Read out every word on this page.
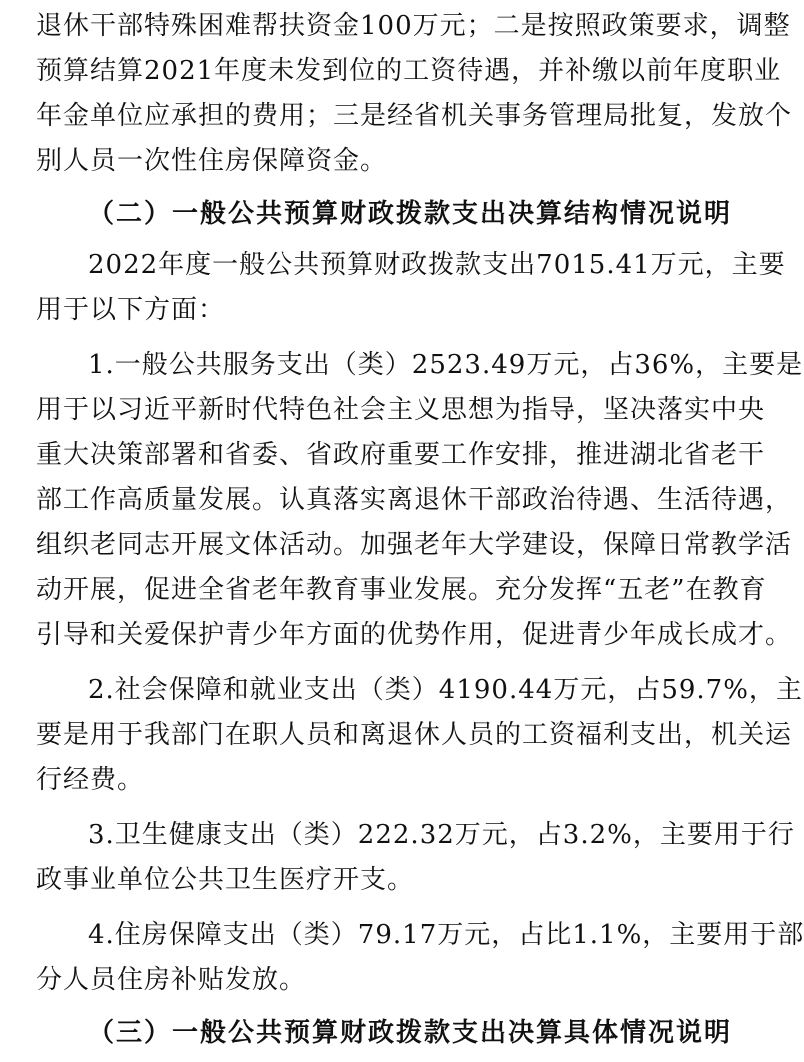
退休干部特殊困难帮扶资金100万元；二是按照政策要求，调整
预算结算2021年度未发到位的工资待遇，并补缴以前年度职业
年金单位应承担的费用；三是经省机关事务管理局批复，发放个
别人员一次性住房保障资金。
（二）一般公共预算财政拨款支出决算结构情况说明
2022年度一般公共预算财政拨款支出7015.41万元，主要
用于以下方面：
1.一般公共服务支出（类）2523.49万元，占36%，主要是
用于以习近平新时代特色社会主义思想为指导，坚决落实中央
重大决策部署和省委、省政府重要工作安排，推进湖北省老干
部工作高质量发展。认真落实离退休干部政治待遇、生活待遇，
组织老同志开展文体活动。加强老年大学建设，保障日常教学活
动开展，促进全省老年教育事业发展。充分发挥“五老”在教育
引导和关爱保护青少年方面的优势作用，促进青少年成长成才。
2.社会保障和就业支出（类）4190.44万元，占59.7%，主
要是用于我部门在职人员和离退休人员的工资福利支出，机关运
行经费。
3.卫生健康支出（类）222.32万元，占3.2%，主要用于行
政事业单位公共卫生医疗开支。
4.住房保障支出（类）79.17万元，占比1.1%，主要用于部
分人员住房补贴发放。
（三）一般公共预算财政拨款支出决算具体情况说明
